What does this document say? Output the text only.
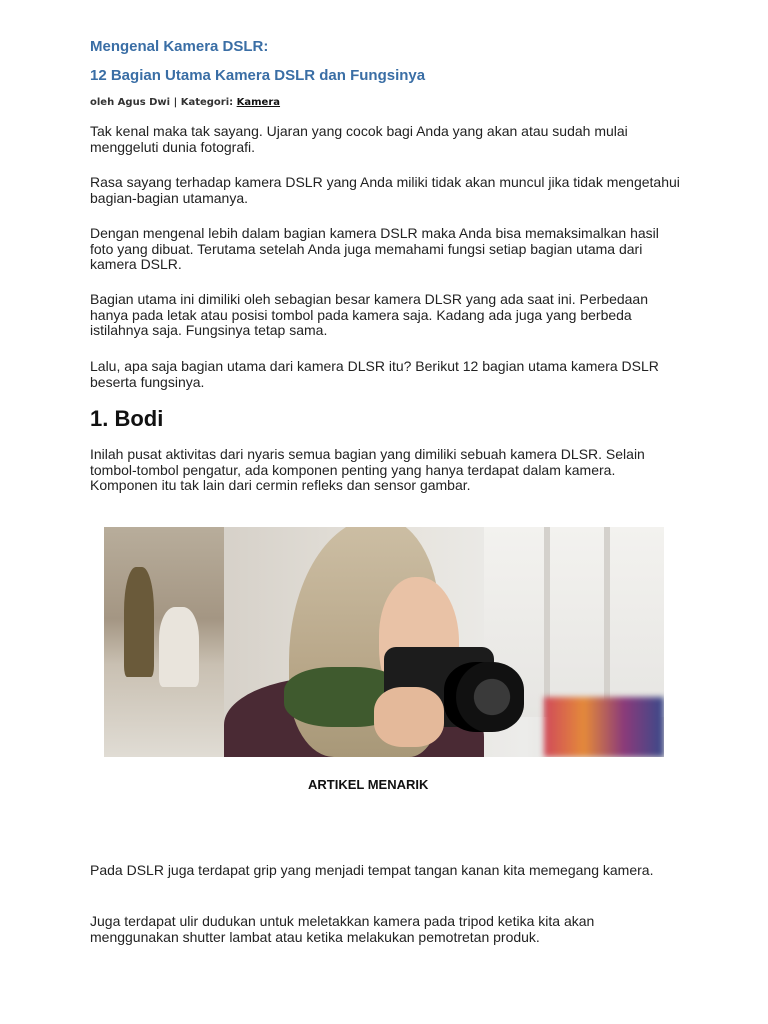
Mengenal Kamera DSLR:
12 Bagian Utama Kamera DSLR dan Fungsinya
oleh Agus Dwi | Kategori: Kamera

Tak kenal maka tak sayang. Ujaran yang cocok bagi Anda yang akan atau sudah mulai menggeluti dunia fotografi.

Rasa sayang terhadap kamera DSLR yang Anda miliki tidak akan muncul jika tidak mengetahui bagian-bagian utamanya.

Dengan mengenal lebih dalam bagian kamera DSLR maka Anda bisa memaksimalkan hasil foto yang dibuat. Terutama setelah Anda juga memahami fungsi setiap bagian utama dari kamera DSLR.

Bagian utama ini dimiliki oleh sebagian besar kamera DLSR yang ada saat ini. Perbedaan hanya pada letak atau posisi tombol pada kamera saja. Kadang ada juga yang berbeda istilahnya saja. Fungsinya tetap sama.

Lalu, apa saja bagian utama dari kamera DLSR itu? Berikut 12 bagian utama kamera DSLR beserta fungsinya.

1. Bodi

Inilah pusat aktivitas dari nyaris semua bagian yang dimiliki sebuah kamera DLSR. Selain tombol-tombol pengatur, ada komponen penting yang hanya terdapat dalam kamera. Komponen itu tak lain dari cermin refleks dan sensor gambar.

Pada DSLR juga terdapat grip yang menjadi tempat tangan kanan kita memegang kamera.

Juga terdapat ulir dudukan untuk meletakkan kamera pada tripod ketika kita akan menggunakan shutter lambat atau ketika melakukan pemotretan produk.

ARTIKEL MENARIK
